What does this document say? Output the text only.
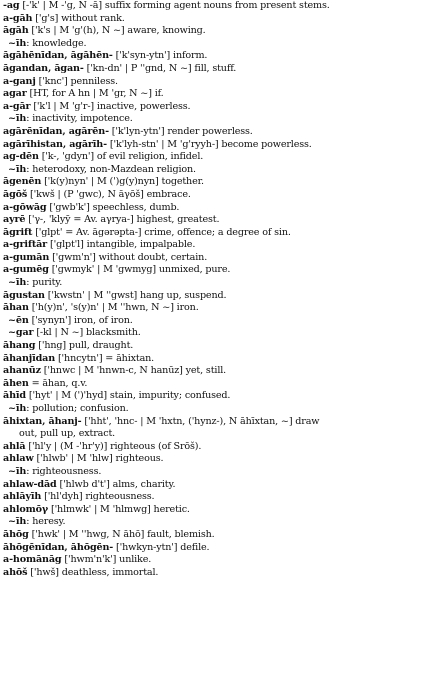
-ag [-'k' | M -'g, N -ā] suffix forming agent nouns from present stems.
a-gāh ['g's] without rank.
āgāh ['k's | M 'g'(h), N ~] aware, knowing.
~īh: knowledge.
āgāhēnīdan, āgāhēn- ['k'syn-ytn'] inform.
āgandan, āgan- ['kn-dn' | P ''gnd, N ~] fill, stuff.
a-ganj ['knc'] penniless.
agar [HT, for A hn | M 'gr, N ~] if.
a-gār ['k'l | M 'g'r-] inactive, powerless.
~īh: inactivity, impotence.
agārēnīdan, agārēn- ['k'lyn-ytn'] render powerless.
agārīhistan, agārīh- ['k'lyh-stn' | M 'g'ryyh-] become powerless.
ag-dēn ['k-, 'gdyn'] of evil religion, infidel.
~īh: heterodoxy, non-Mazdean religion.
āgenēn ['k(y)nyn' | M (')g(y)nyn] together.
āgōš ['kwš | (P 'gwc), N āγōš] embrace.
a-gōwāg ['gwb'k'] speechless, dumb.
ayrē ['γ-, 'klyȳ = Av. aγrya-] highest, greatest.
āgrift ['glpt' = Av. āgərəpta-] crime, offence; a degree of sin.
a-griftār ['glpt'l] intangible, impalpable.
a-gumān ['gwm'n'] without doubt, certain.
a-gumēg ['gwmyk' | M 'gwmyg] unmixed, pure.
~īh: purity.
āgustan ['kwstn' | M ''gwst] hang up, suspend.
āhan ['h(y)n', 's(y)n' | M ''hwn, N ~] iron.
~ēn ['synyn'] iron, of iron.
~gar [-kl | N ~] blacksmith.
āhang ['hng] pull, draught.
āhanjīdan ['hncytn'] = āhixtan.
ahanūz ['hnwc | M 'hnwn-c, N hanūz] yet, still.
āhen = āhan, q.v.
āhīd ['hyt' | M (')'hyd] stain, impurity; confused.
~īh: pollution; confusion.
āhixtan, āhanj- ['hht', 'hnc- | M 'hxtn, ('hynz-), N āhīxtan, ~] draw
out, pull up, extract.
ahlā ['hl'y | (M -'hr'y)] righteous (of Srōš).
ahlaw ['hlwb' | M 'hlw] righteous.
~īh: righteousness.
ahlaw-dād ['hlwb d't'] alms, charity.
ahlāyīh ['hl'dyh] righteousness.
ahlomōγ ['hlmwk' | M 'hlmwg] heretic.
~īh: heresy.
āhōg ['hwk' | M ''hwg, N āhō] fault, blemish.
āhōgēnīdan, āhōgēn- ['hwkyn-ytn'] defile.
a-homānāg ['hwm'n'k'] unlike.
ahōš ['hwš] deathless, immortal.
